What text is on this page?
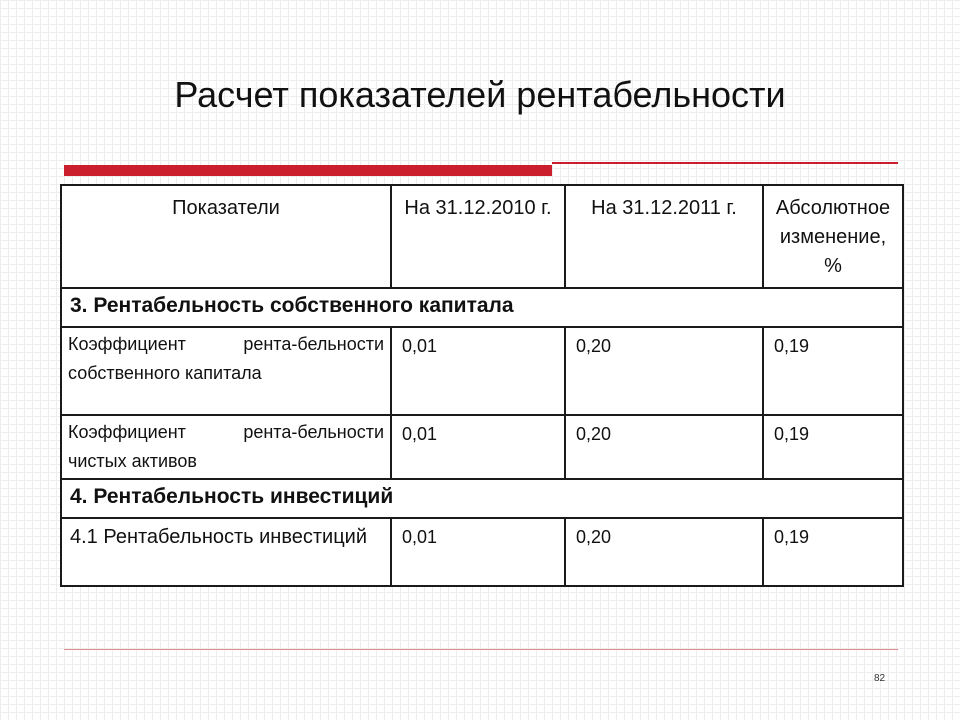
Расчет показателей рентабельности
Показатели	На 31.12.2010 г.	На 31.12.2011 г.	Абсолютное изменение, %
3. Рентабельность собственного капитала			
Коэффициент рента-бельности собственного капитала	0,01	0,20	0,19
Коэффициент рента-бельности чистых активов	0,01	0,20	0,19
4. Рентабельность инвестиций			
4.1 Рентабельность инвестиций	0,01	0,20	0,19
82
